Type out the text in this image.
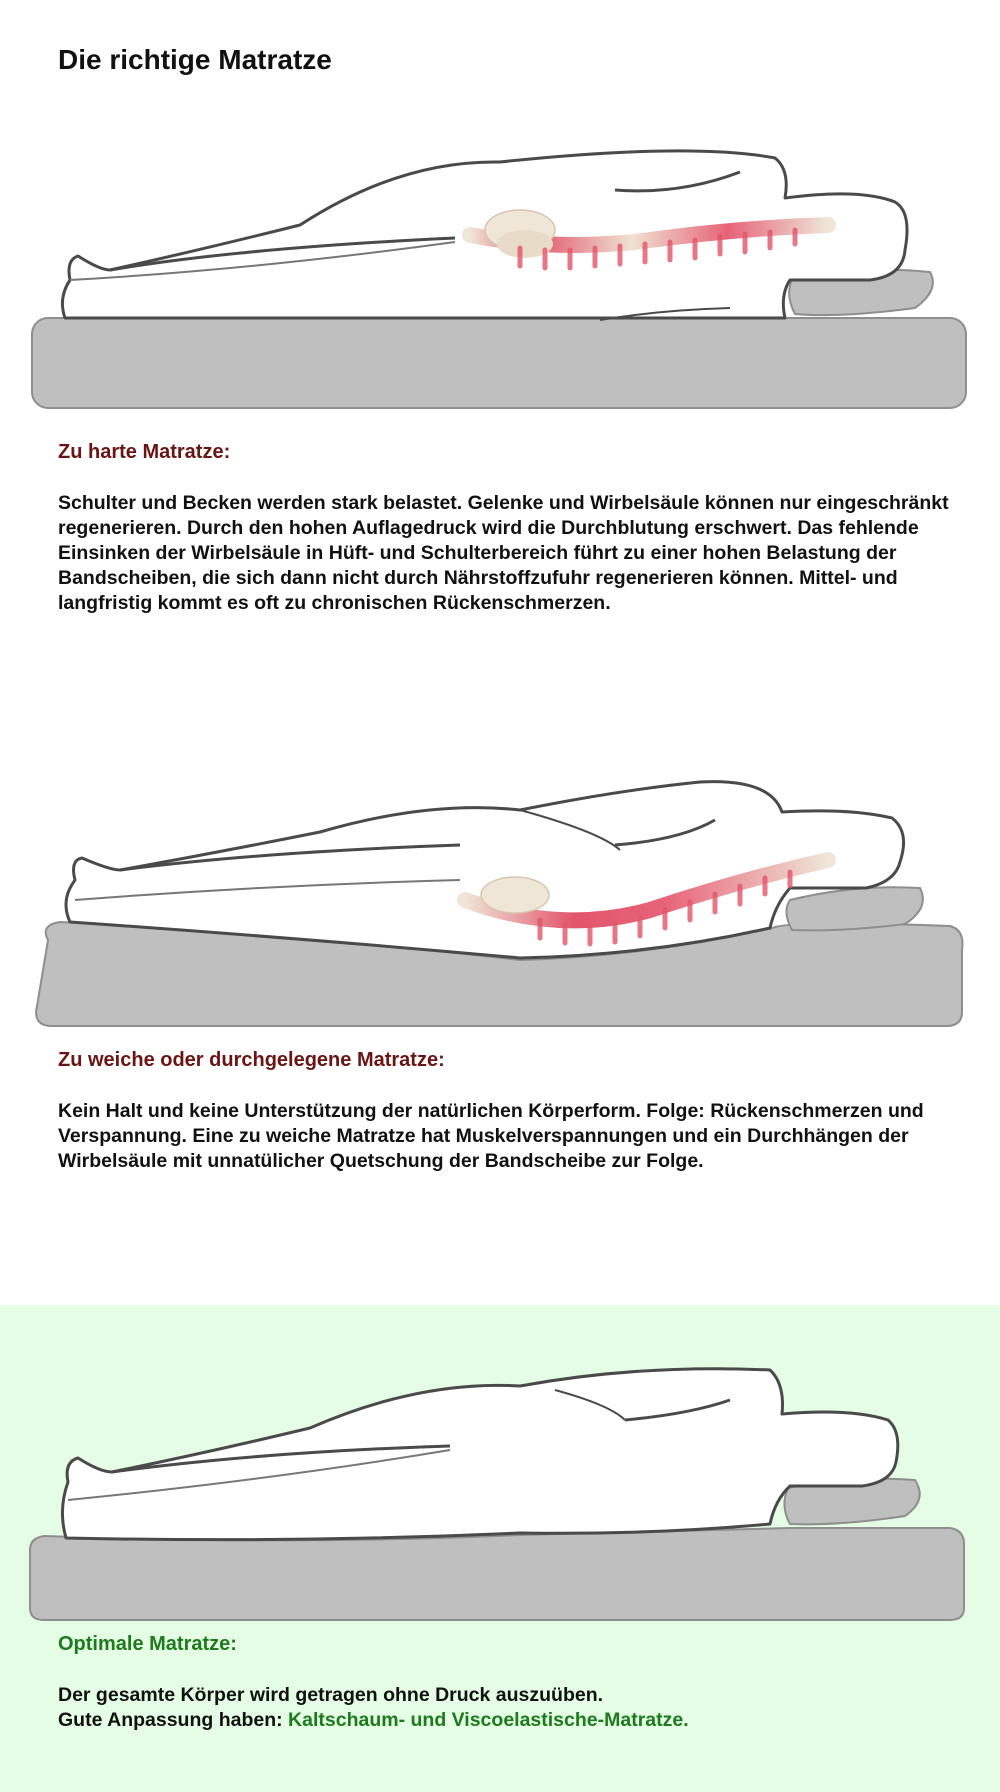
Die richtige Matratze
Zu harte Matratze:

Schulter und Becken werden stark belastet. Gelenke und Wirbelsäule können nur eingeschränkt regenerieren. Durch den hohen Auflagedruck wird die Durchblutung erschwert. Das fehlende Einsinken der Wirbelsäule in Hüft- und Schulterbereich führt zu einer hohen Belastung der Bandscheiben, die sich dann nicht durch Nährstoffzufuhr regenerieren können. Mittel- und langfristig kommt es oft zu chronischen Rückenschmerzen.

Zu weiche oder durchgelegene Matratze:

Kein Halt und keine Unterstützung der natürlichen Körperform. Folge: Rückenschmerzen und Verspannung. Eine zu weiche Matratze hat Muskelverspannungen und ein Durchhängen der Wirbelsäule mit unnatülicher Quetschung der Bandscheibe zur Folge.

Optimale Matratze:

Der gesamte Körper wird getragen ohne Druck auszuüben.
Gute Anpassung haben: Kaltschaum- und Viscoelastische-Matratze.
